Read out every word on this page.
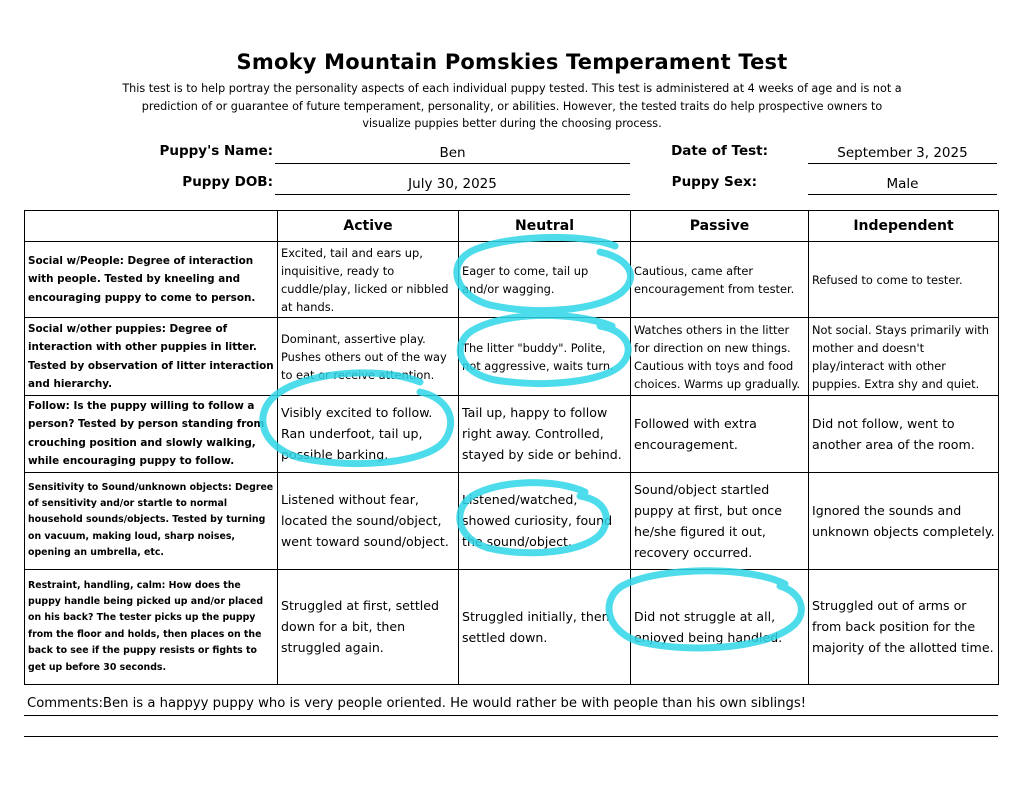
Smoky Mountain Pomskies Temperament Test
This test is to help portray the personality aspects of each individual puppy tested. This test is administered at 4 weeks of age and is not a prediction of or guarantee of future temperament, personality, or abilities. However, the tested traits do help prospective owners to visualize puppies better during the choosing process.
Puppy's Name:	Ben	Date of Test:	September 3, 2025
Puppy DOB:	July 30, 2025	Puppy Sex:	Male
	Active	Neutral	Passive	Independent
Social w/People: Degree of interaction with people. Tested by kneeling and encouraging puppy to come to person.	Excited, tail and ears up, inquisitive, ready to cuddle/play, licked or nibbled at hands.	Eager to come, tail up and/or wagging.	Cautious, came after encouragement from tester.	Refused to come to tester.
Social w/other puppies: Degree of interaction with other puppies in litter. Tested by observation of litter interaction and hierarchy.	Dominant, assertive play. Pushes others out of the way to eat or receive attention.	The litter "buddy". Polite, not aggressive, waits turn.	Watches others in the litter for direction on new things. Cautious with toys and food choices. Warms up gradually.	Not social. Stays primarily with mother and doesn't play/interact with other puppies. Extra shy and quiet.
Follow: Is the puppy willing to follow a person? Tested by person standing from crouching position and slowly walking, while encouraging puppy to follow.	Visibly excited to follow. Ran underfoot, tail up, possible barking.	Tail up, happy to follow right away. Controlled, stayed by side or behind.	Followed with extra encouragement.	Did not follow, went to another area of the room.
Sensitivity to Sound/unknown objects: Degree of sensitivity and/or startle to normal household sounds/objects. Tested by turning on vacuum, making loud, sharp noises, opening an umbrella, etc.	Listened without fear, located the sound/object, went toward sound/object.	Listened/watched, showed curiosity, found the sound/object.	Sound/object startled puppy at first, but once he/she figured it out, recovery occurred.	Ignored the sounds and unknown objects completely.
Restraint, handling, calm: How does the puppy handle being picked up and/or placed on his back? The tester picks up the puppy from the floor and holds, then places on the back to see if the puppy resists or fights to get up before 30 seconds.	Struggled at first, settled down for a bit, then struggled again.	Struggled initially, then settled down.	Did not struggle at all, enjoyed being handled.	Struggled out of arms or from back position for the majority of the allotted time.
Comments:Ben is a happyy puppy who is very people oriented. He would rather be with people than his own siblings!
